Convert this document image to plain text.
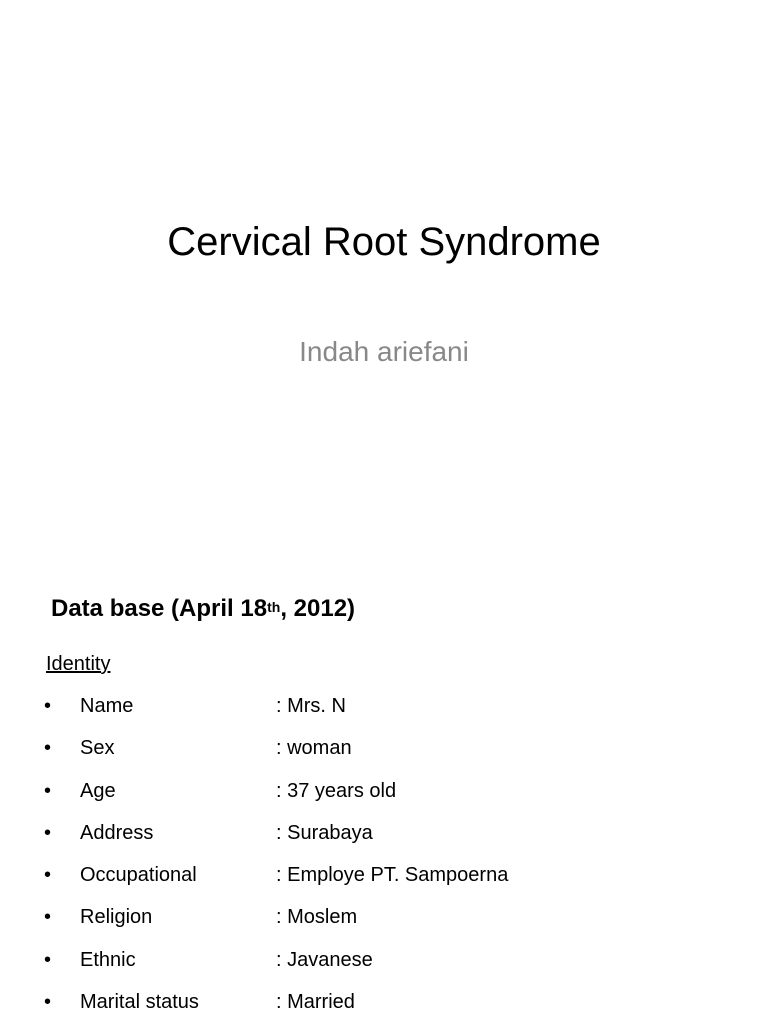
Cervical Root Syndrome
Indah ariefani
Data base (April 18th, 2012)
Identity
• Name	: Mrs. N
• Sex	: woman
• Age	: 37 years old
• Address	: Surabaya
• Occupational	: Employe PT. Sampoerna
• Religion	: Moslem
• Ethnic	: Javanese
• Marital status	: Married
